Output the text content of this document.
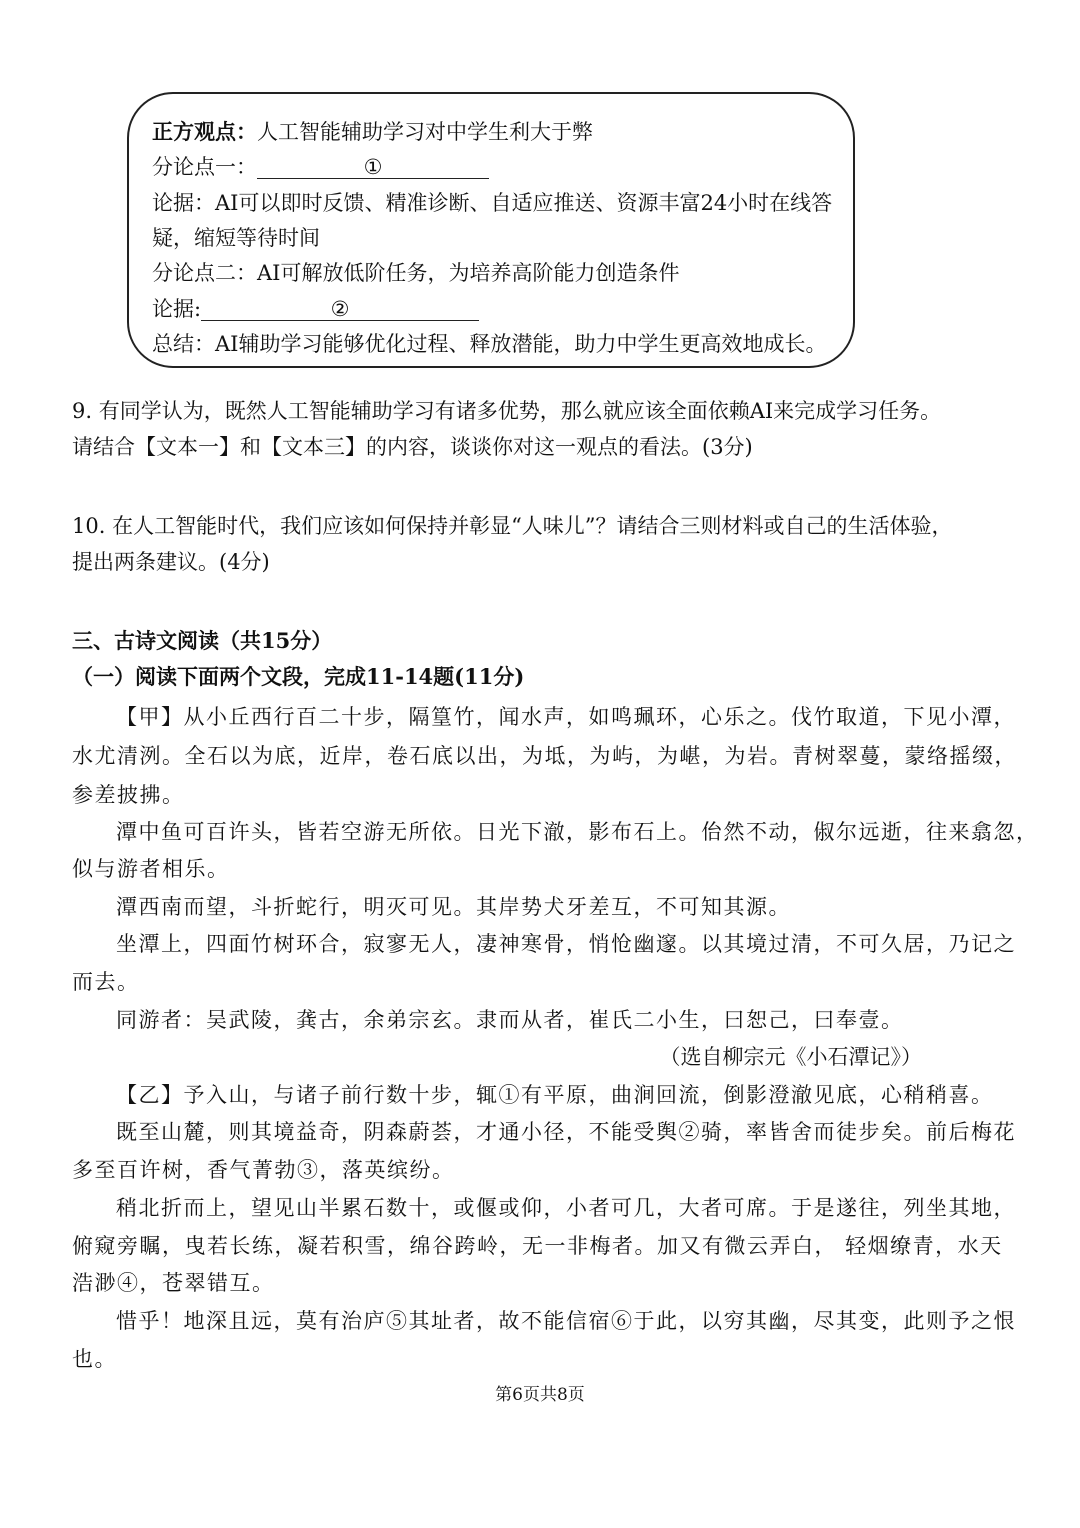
正方观点：人工智能辅助学习对中学生利大于弊
分论点一：	①
论据：AI可以即时反馈、精准诊断、自适应推送、资源丰富24小时在线答
疑，缩短等待时间
分论点二：AI可解放低阶任务，为培养高阶能力创造条件
论据:	②
总结：AI辅助学习能够优化过程、释放潜能，助力中学生更高效地成长。
9. 有同学认为，既然人工智能辅助学习有诸多优势，那么就应该全面依赖AI来完成学习任务。
请结合【文本一】和【文本三】的内容，谈谈你对这一观点的看法。(3分)
10. 在人工智能时代，我们应该如何保持并彰显“人味儿”？请结合三则材料或自己的生活体验，
提出两条建议。(4分)
三、古诗文阅读（共15分）
（一）阅读下面两个文段，完成11-14题(11分)
【甲】从小丘西行百二十步，隔篁竹，闻水声，如鸣珮环，心乐之。伐竹取道，下见小潭，
水尤清洌。全石以为底，近岸，卷石底以出，为坻，为屿，为嵁，为岩。青树翠蔓，蒙络摇缀，
参差披拂。
潭中鱼可百许头，皆若空游无所依。日光下澈，影布石上。佁然不动，俶尔远逝，往来翕忽，
似与游者相乐。
潭西南而望，斗折蛇行，明灭可见。其岸势犬牙差互，不可知其源。
坐潭上，四面竹树环合，寂寥无人，凄神寒骨，悄怆幽邃。以其境过清，不可久居，乃记之
而去。
同游者：吴武陵，龚古，余弟宗玄。隶而从者，崔氏二小生，曰恕己，曰奉壹。
（选自柳宗元《小石潭记》）
【乙】予入山，与诸子前行数十步，辄①有平原，曲涧回流，倒影澄澈见底，心稍稍喜。
既至山麓，则其境益奇，阴森蔚荟，才通小径，不能受舆②骑，率皆舍而徒步矣。前后梅花
多至百许树，香气菁勃③，落英缤纷。
稍北折而上，望见山半累石数十，或偃或仰，小者可几，大者可席。于是遂往，列坐其地，
俯窥旁瞩，曳若长练，凝若积雪，绵谷跨岭，无一非梅者。加又有微云弄白， 轻烟缭青，水天
浩渺④，苍翠错互。
惜乎！地深且远，莫有治庐⑤其址者，故不能信宿⑥于此，以穷其幽，尽其变，此则予之恨
也。
第6页共8页
